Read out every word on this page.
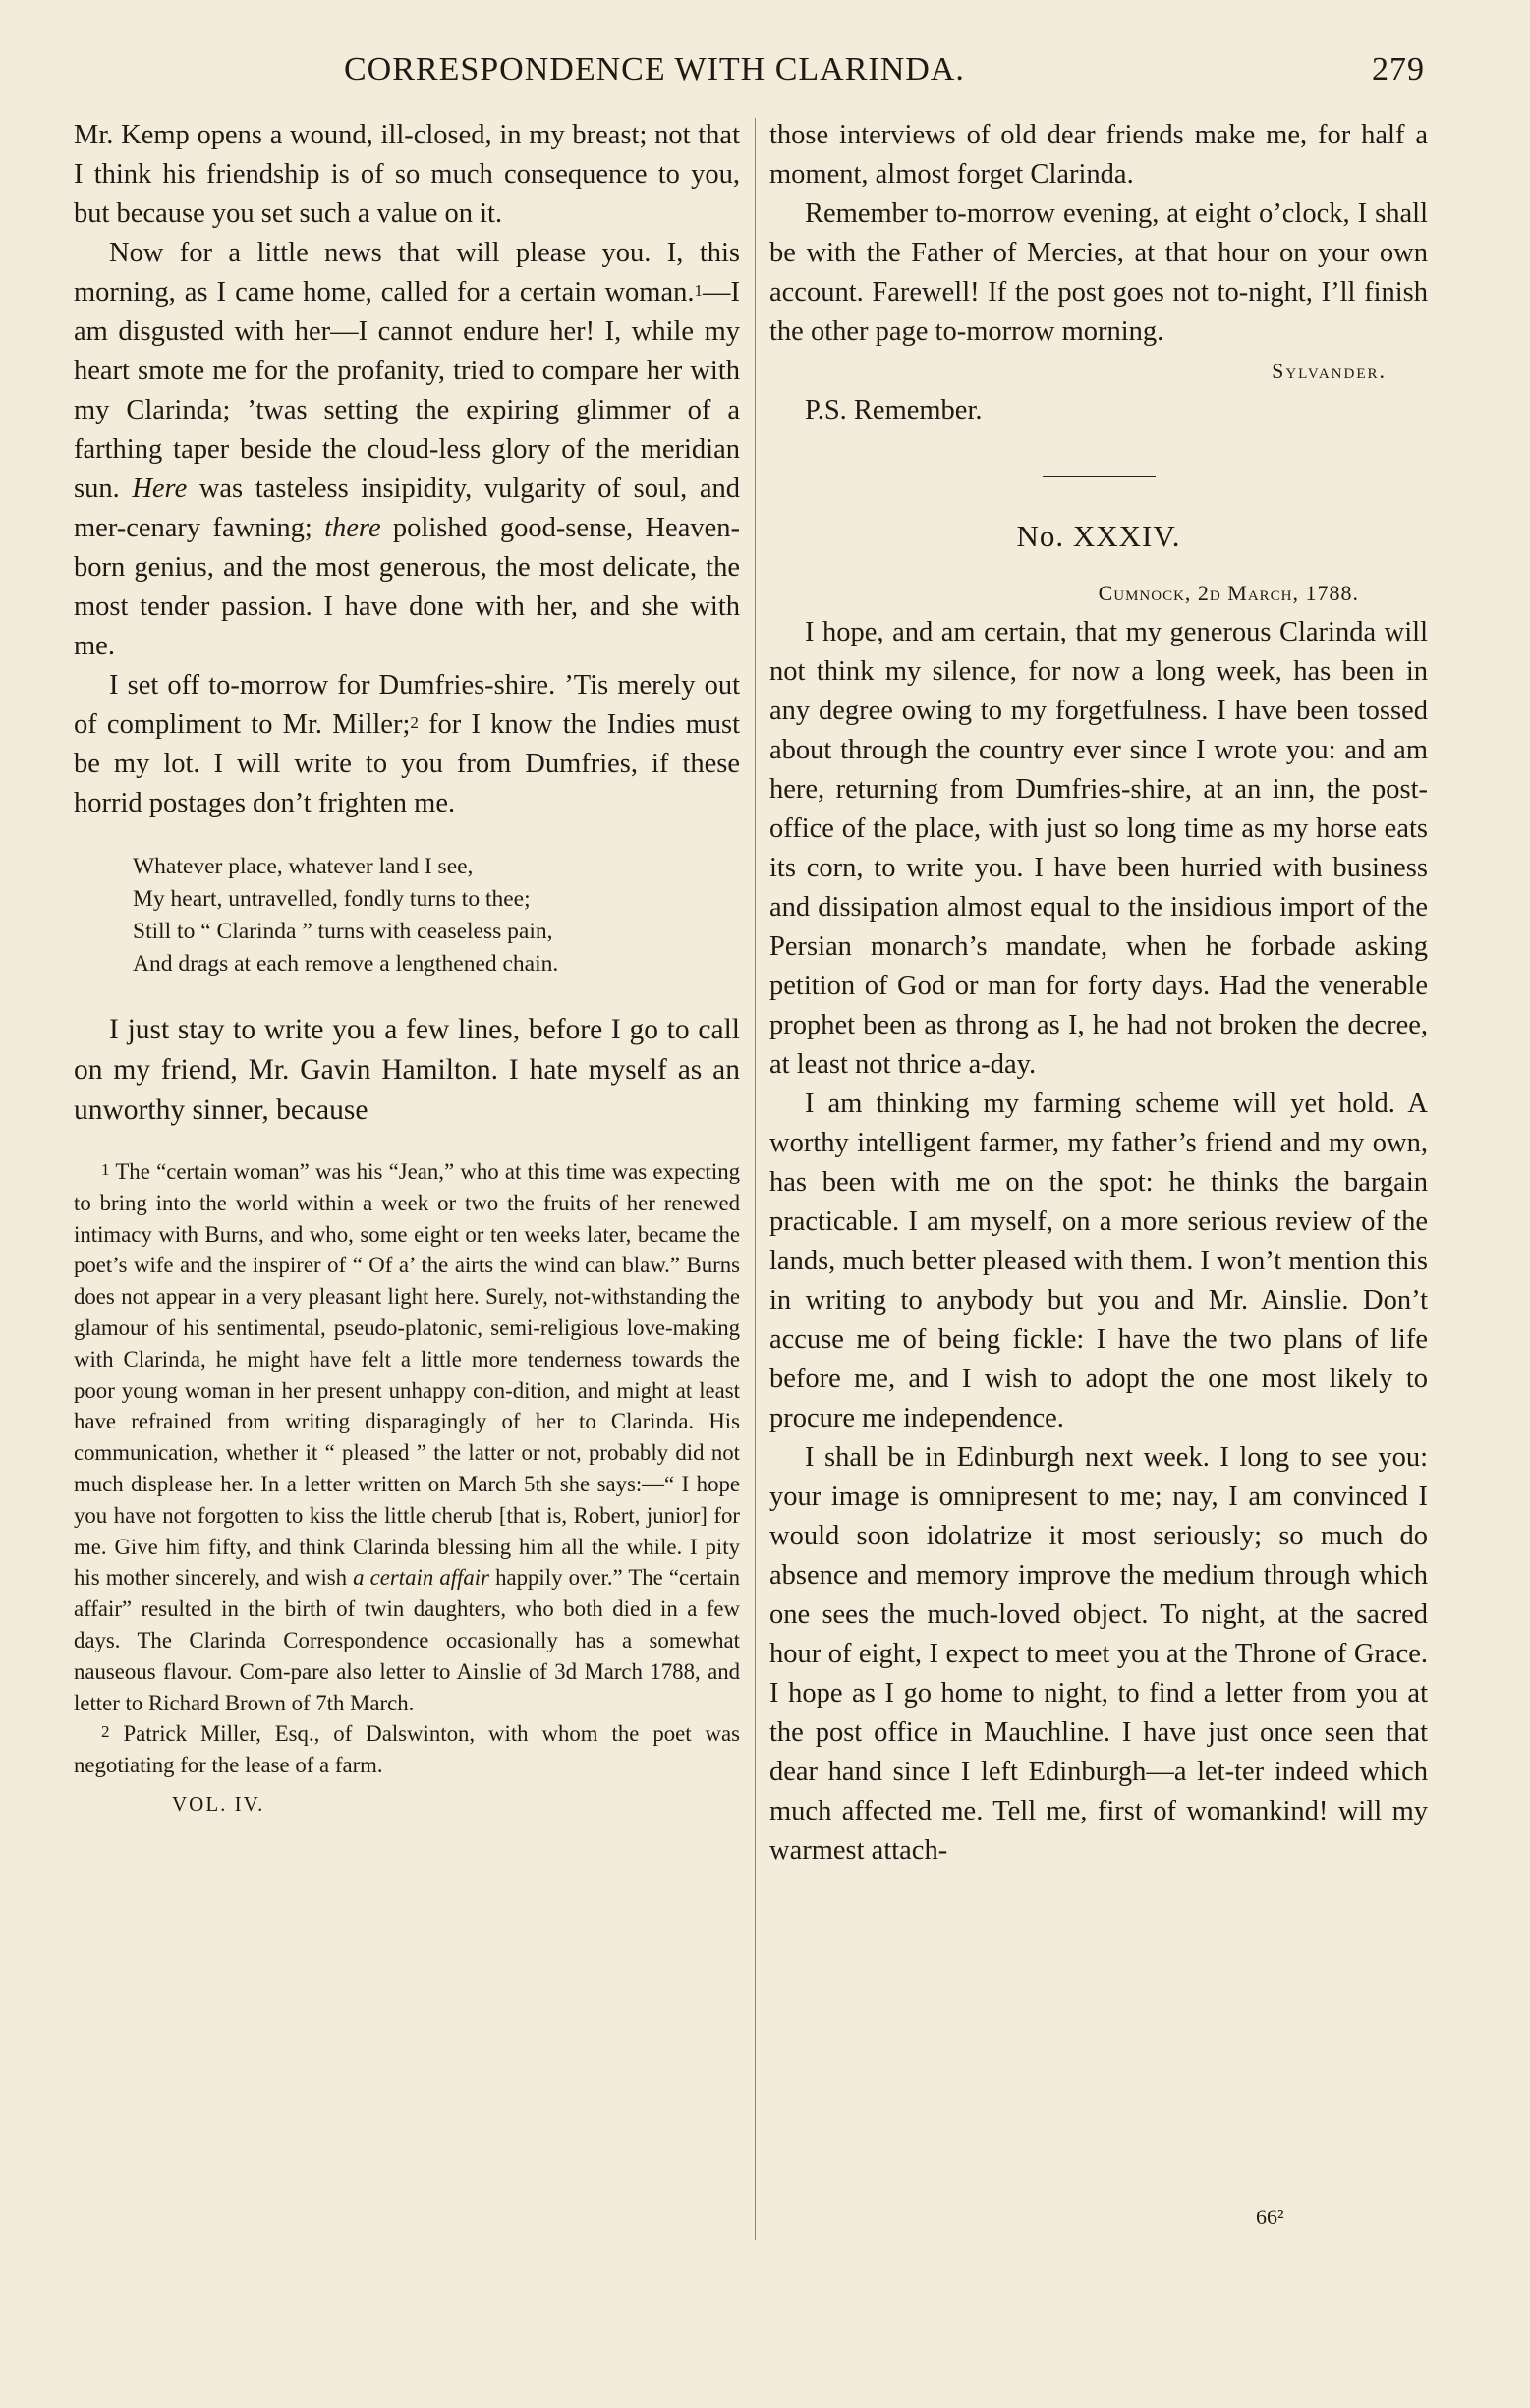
CORRESPONDENCE WITH CLARINDA.	279

Mr. Kemp opens a wound, ill-closed, in my breast; not that I think his friendship is of so much consequence to you, but because you set such a value on it.

Now for a little news that will please you. I, this morning, as I came home, called for a certain woman.$^1$—I am disgusted with her—I cannot endure her! I, while my heart smote me for the profanity, tried to compare her with my Clarinda; ’twas setting the expiring glimmer of a farthing taper beside the cloud-less glory of the meridian sun. Here was tasteless insipidity, vulgarity of soul, and mer-cenary fawning; there polished good-sense, Heaven-born genius, and the most generous, the most delicate, the most tender passion. I have done with her, and she with me.

I set off to-morrow for Dumfries-shire. ’Tis merely out of compliment to Mr. Miller;$^2$ for I know the Indies must be my lot. I will write to you from Dumfries, if these horrid postages don’t frighten me.

Whatever place, whatever land I see,
My heart, untravelled, fondly turns to thee;
Still to “ Clarinda ” turns with ceaseless pain,
And drags at each remove a lengthened chain.

I just stay to write you a few lines, before I go to call on my friend, Mr. Gavin Hamilton. I hate myself as an unworthy sinner, because

$^1$ The “certain woman” was his “Jean,” who at this time was expecting to bring into the world within a week or two the fruits of her renewed intimacy with Burns, and who, some eight or ten weeks later, became the poet’s wife and the inspirer of “ Of a’ the airts the wind can blaw.” Burns does not appear in a very pleasant light here. Surely, not-withstanding the glamour of his sentimental, pseudo-platonic, semi-religious love-making with Clarinda, he might have felt a little more tenderness towards the poor young woman in her present unhappy con-dition, and might at least have refrained from writing disparagingly of her to Clarinda. His communication, whether it “ pleased ” the latter or not, probably did not much displease her. In a letter written on March 5th she says:—“ I hope you have not forgotten to kiss the little cherub [that is, Robert, junior] for me. Give him fifty, and think Clarinda blessing him all the while. I pity his mother sincerely, and wish a certain affair happily over.” The “certain affair” resulted in the birth of twin daughters, who both died in a few days. The Clarinda Correspondence occasionally has a somewhat nauseous flavour. Com-pare also letter to Ainslie of 3d March 1788, and letter to Richard Brown of 7th March.

$^2$ Patrick Miller, Esq., of Dalswinton, with whom the poet was negotiating for the lease of a farm.

VOL. IV.

those interviews of old dear friends make me, for half a moment, almost forget Clarinda.

Remember to-morrow evening, at eight o’clock, I shall be with the Father of Mercies, at that hour on your own account. Farewell! If the post goes not to-night, I’ll finish the other page to-morrow morning.

Sylvander.
P.S. Remember.
No. XXXIV.
Cumnock, 2d March, 1788.

I hope, and am certain, that my generous Clarinda will not think my silence, for now a long week, has been in any degree owing to my forgetfulness. I have been tossed about through the country ever since I wrote you: and am here, returning from Dumfries-shire, at an inn, the post-office of the place, with just so long time as my horse eats its corn, to write you. I have been hurried with business and dissipation almost equal to the insidious import of the Persian monarch’s mandate, when he forbade asking petition of God or man for forty days. Had the venerable prophet been as throng as I, he had not broken the decree, at least not thrice a-day.

I am thinking my farming scheme will yet hold. A worthy intelligent farmer, my father’s friend and my own, has been with me on the spot: he thinks the bargain practicable. I am myself, on a more serious review of the lands, much better pleased with them. I won’t mention this in writing to anybody but you and Mr. Ainslie. Don’t accuse me of being fickle: I have the two plans of life before me, and I wish to adopt the one most likely to procure me independence.

I shall be in Edinburgh next week. I long to see you: your image is omnipresent to me; nay, I am convinced I would soon idolatrize it most seriously; so much do absence and memory improve the medium through which one sees the much-loved object. To night, at the sacred hour of eight, I expect to meet you at the Throne of Grace. I hope as I go home to night, to find a letter from you at the post office in Mauchline. I have just once seen that dear hand since I left Edinburgh—a let-ter indeed which much affected me. Tell me, first of womankind! will my warmest attach-

66²
